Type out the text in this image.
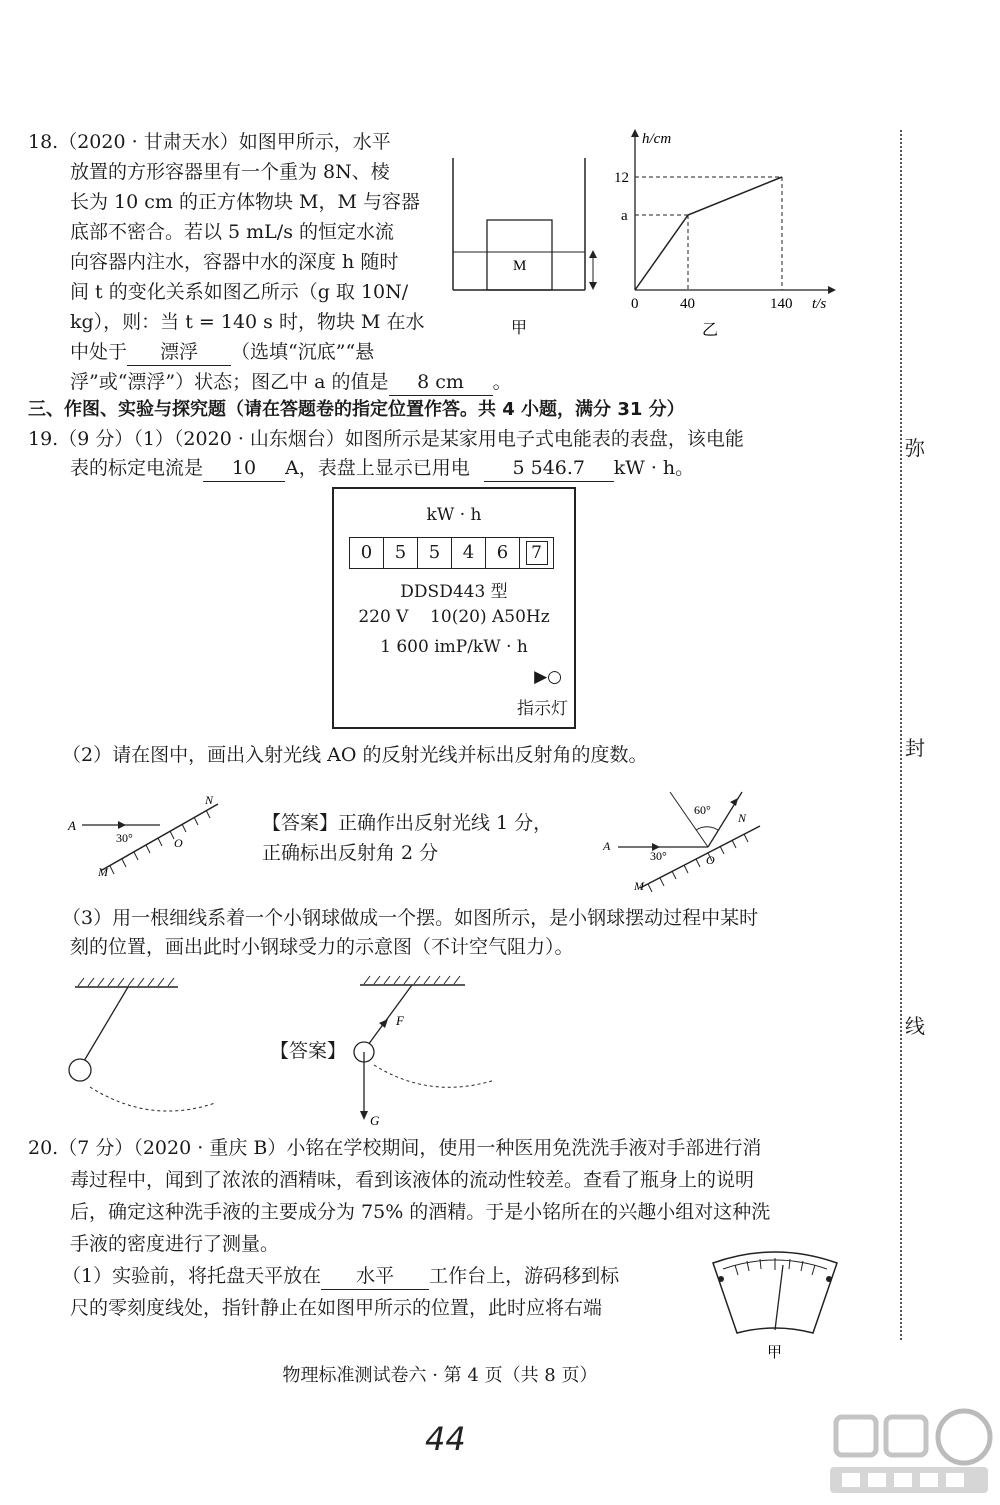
18.（2020 · 甘肃天水）如图甲所示，水平
放置的方形容器里有一个重为 8N、棱
长为 10 cm 的正方体物块 M，M 与容器
底部不密合。若以 5 mL/s 的恒定水流
向容器内注水，容器中水的深度 h 随时
间 t 的变化关系如图乙所示（g 取 10N/
kg），则：当 t = 140 s 时，物块 M 在水
中处于 漂浮 （选填“沉底”“悬
浮”或“漂浮”）状态；图乙中 a 的值是 8 cm 。
M
甲
h/cm
12
a
0	40	140 t/s
乙
三、作图、实验与探究题（请在答题卷的指定位置作答。共 4 小题，满分 31 分）
19.（9 分）（1）（2020 · 山东烟台）如图所示是某家用电子式电能表的表盘，该电能
表的标定电流是 10 A，表盘上显示已用电 5 546.7 kW · h。
kW · h
0	5	5	4	6	7
DDSD443 型
220 V    10(20) A50Hz
1 600 imP/kW · h
▶○
指示灯
（2）请在图中，画出入射光线 AO 的反射光线并标出反射角的度数。
A
N
O
M
30°
【答案】正确作出反射光线 1 分，
正确标出反射角 2 分	A
N
O
M
30°
60°
（3）用一根细线系着一个小钢球做成一个摆。如图所示，是小钢球摆动过程中某时
刻的位置，画出此时小钢球受力的示意图（不计空气阻力）。
【答案】
F
G
20.（7 分）（2020 · 重庆 B）小铭在学校期间，使用一种医用免洗洗手液对手部进行消
毒过程中，闻到了浓浓的酒精味，看到该液体的流动性较差。查看了瓶身上的说明
后，确定这种洗手液的主要成分为 75% 的酒精。于是小铭所在的兴趣小组对这种洗
手液的密度进行了测量。
（1）实验前，将托盘天平放在 水平 工作台上，游码移到标
尺的零刻度线处，指针静止在如图甲所示的位置，此时应将右端
甲
弥
封
线
物理标准测试卷六 · 第 4 页（共 8 页）
44
